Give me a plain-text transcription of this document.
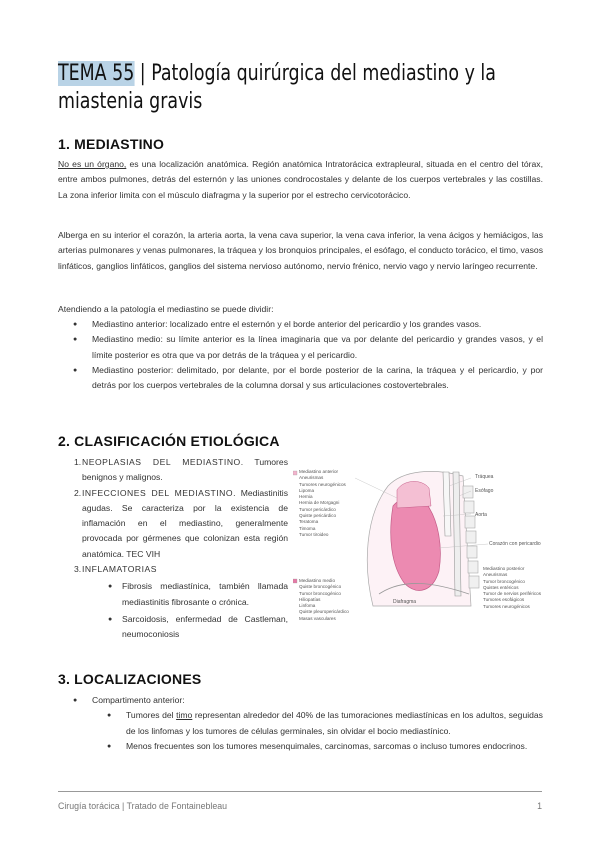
TEMA 55 | Patología quirúrgica del mediastino y la miastenia gravis
1. MEDIASTINO

No es un órgano, es una localización anatómica. Región anatómica Intratorácica extrapleural, situada en el centro del tórax, entre ambos pulmones, detrás del esternón y las uniones condrocostales y delante de los cuerpos vertebrales y las costillas. La zona inferior limita con el músculo diafragma y la superior por el estrecho cervicotorácico.

Alberga en su interior el corazón, la arteria aorta, la vena cava superior, la vena cava inferior, la vena ácigos y hemiácigos, las arterias pulmonares y venas pulmonares, la tráquea y los bronquios principales, el esófago, el conducto torácico, el timo, vasos linfáticos, ganglios linfáticos, ganglios del sistema nervioso autónomo, nervio frénico, nervio vago y nervio laríngeo recurrente.

Atendiendo a la patología el mediastino se puede dividir:

● Mediastino anterior: localizado entre el esternón y el borde anterior del pericardio y los grandes vasos.
● Mediastino medio: su límite anterior es la línea imaginaria que va por delante del pericardio y grandes vasos, y el límite posterior es otra que va por detrás de la tráquea y el pericardio.
● Mediastino posterior: delimitado, por delante, por el borde posterior de la carina, la tráquea y el pericardio, y por detrás por los cuerpos vertebrales de la columna dorsal y sus articulaciones costovertebrales.
2. CLASIFICACIÓN ETIOLÓGICA
1. NEOPLASIAS DEL MEDIASTINO. Tumores benignos y malignos.
2. INFECCIONES DEL MEDIASTINO. Mediastinitis agudas. Se caracteriza por la existencia de inflamación en el mediastino, generalmente provocada por gérmenes que colonizan esta región anatómica. TEC VIH
3. INFLAMATORIAS
● Fibrosis mediastínica, también llamada mediastinitis fibrosante o crónica.
● Sarcoidosis, enfermedad de Castleman, neumoconiosis
Mediastino anterior
Aneurismas
Tumores neurogénicos
Lipoma
Hernia
Hernia de Morgagni
Tumor pericárdico
Quiste pericárdico
Teratoma
Timoma
Tumor tiroideo
Mediastino medio
Quiste broncogénico
Tumor broncogénico
Hiliopatías
Linfoma
Quiste pleuropericárdico
Masas vasculares
Tráquea
Esófago
Aorta
Corazón con pericardio
Mediastino posterior
Aneurismas
Tumor broncogénico
Quistes entéricos
Tumor de nervios periféricos
Tumores esofágicos
Tumores neurogénicos
Diafragma
3. LOCALIZACIONES
● Compartimento anterior:
● Tumores del timo representan alrededor del 40% de las tumoraciones mediastínicas en los adultos, seguidas de los linfomas y los tumores de células germinales, sin olvidar el bocio mediastínico.
● Menos frecuentes son los tumores mesenquimales, carcinomas, sarcomas o incluso tumores endocrinos.
Cirugía torácica | Tratado de Fontainebleau	1
